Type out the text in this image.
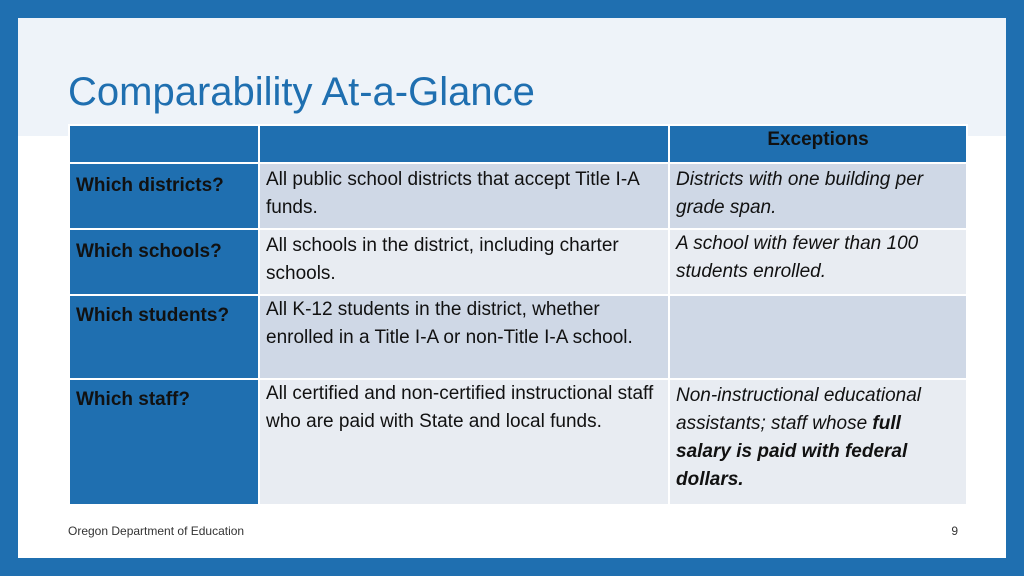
Comparability At-a-Glance
		Exceptions
Which districts?	All public school districts that accept Title I-A funds.	Districts with one building per grade span.
Which schools?	All schools in the district, including charter schools.	A school with fewer than 100 students enrolled.
Which students?	All K-12 students in the district, whether enrolled in a Title I-A or non-Title I-A school.	
Which staff?	All certified and non-certified instructional staff who are paid with State and local funds.	Non-instructional educational assistants; staff whose full salary is paid with federal dollars.
Oregon Department of Education	9
